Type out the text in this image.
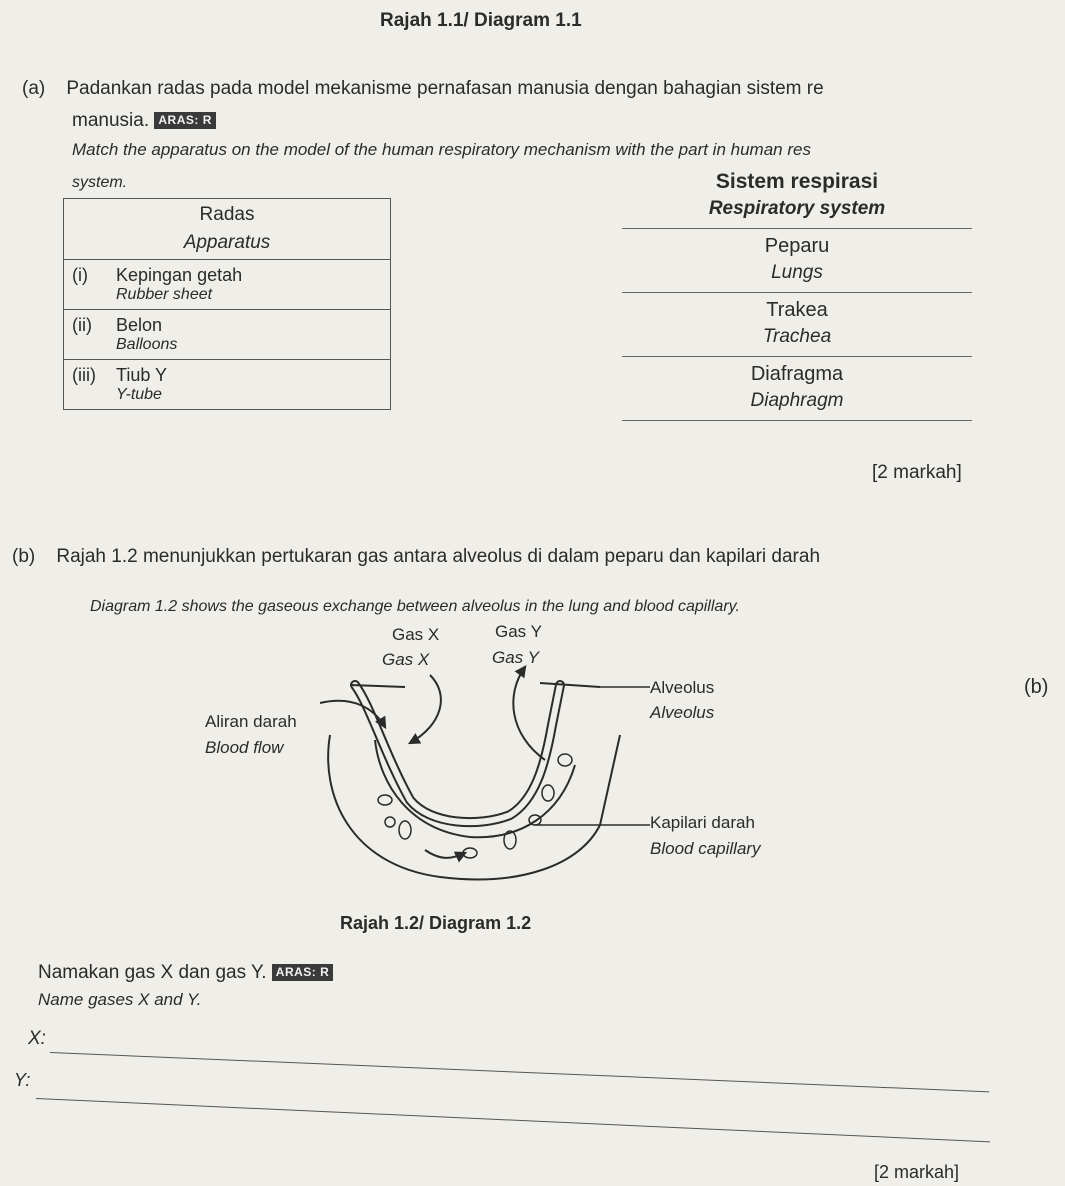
Rajah 1.1/ Diagram 1.1
(a) Padankan radas pada model mekanisme pernafasan manusia dengan bahagian sistem re
manusia. ARAS: R
Match the apparatus on the model of the human respiratory mechanism with the part in human res
system.
Radas
Apparatus

(i) Kepingan getah
Rubber sheet

(ii) Belon
Balloons

(iii) Tiub Y
Y-tube
Sistem respirasi
Respiratory system
Peparu
Lungs
Trakea
Trachea
Diafragma
Diaphragm
[2 markah]
(b) Rajah 1.2 menunjukkan pertukaran gas antara alveolus di dalam peparu dan kapilari darah
Diagram 1.2 shows the gaseous exchange between alveolus in the lung and blood capillary.
(b)
Gas X
Gas X
Gas Y
Gas Y
Alveolus
Alveolus
Aliran darah
Blood flow
Kapilari darah
Blood capillary
Rajah 1.2/ Diagram 1.2
Namakan gas X dan gas Y. ARAS: R
Name gases X and Y.
X:
Y:
[2 markah]
